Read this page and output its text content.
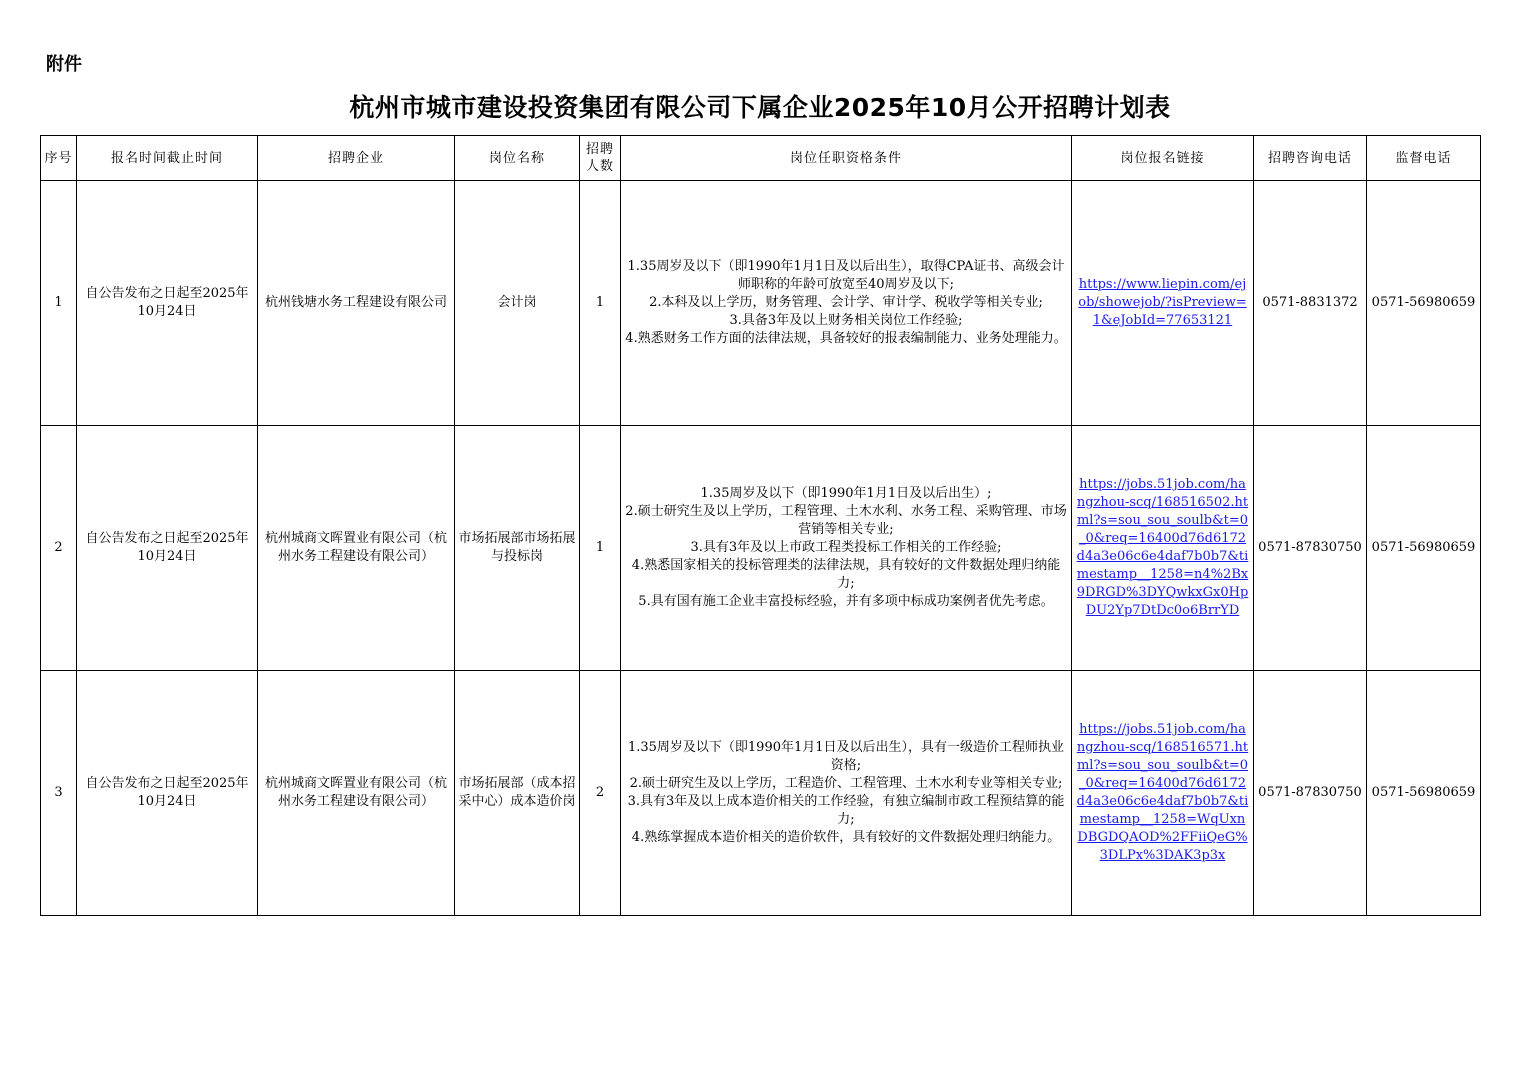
附件
杭州市城市建设投资集团有限公司下属企业2025年10月公开招聘计划表
序号	报名时间截止时间	招聘企业	岗位名称	招聘人数	岗位任职资格条件	岗位报名链接	招聘咨询电话	监督电话
1	自公告发布之日起至2025年10月24日	杭州钱塘水务工程建设有限公司	会计岗	1	1.35周岁及以下（即1990年1月1日及以后出生），取得CPA证书、高级会计师职称的年龄可放宽至40周岁及以下;
2.本科及以上学历，财务管理、会计学、审计学、税收学等相关专业;
3.具备3年及以上财务相关岗位工作经验;
4.熟悉财务工作方面的法律法规，具备较好的报表编制能力、业务处理能力。	https://www.liepin.com/ejob/showejob/?isPreview=1&eJobId=77653121	0571-8831372	0571-56980659
2	自公告发布之日起至2025年10月24日	杭州城商文晖置业有限公司（杭州水务工程建设有限公司）	市场拓展部市场拓展与投标岗	1	1.35周岁及以下（即1990年1月1日及以后出生）;
2.硕士研究生及以上学历，工程管理、土木水利、水务工程、采购管理、市场营销等相关专业;
3.具有3年及以上市政工程类投标工作相关的工作经验;
4.熟悉国家相关的投标管理类的法律法规，具有较好的文件数据处理归纳能力;
5.具有国有施工企业丰富投标经验，并有多项中标成功案例者优先考虑。	https://jobs.51job.com/hangzhou-scq/168516502.html?s=sou_sou_soulb&t=0_0&req=16400d76d6172d4a3e06c6e4daf7b0b7&timestamp__1258=n4%2Bx9DRGD%3DYQwkxGx0HpDU2Yp7DtDc0o6BrrYD	0571-87830750	0571-56980659
3	自公告发布之日起至2025年10月24日	杭州城商文晖置业有限公司（杭州水务工程建设有限公司）	市场拓展部（成本招采中心）成本造价岗	2	1.35周岁及以下（即1990年1月1日及以后出生），具有一级造价工程师执业资格;
2.硕士研究生及以上学历，工程造价、工程管理、土木水利专业等相关专业;
3.具有3年及以上成本造价相关的工作经验，有独立编制市政工程预结算的能力;
4.熟练掌握成本造价相关的造价软件，具有较好的文件数据处理归纳能力。	https://jobs.51job.com/hangzhou-scq/168516571.html?s=sou_sou_soulb&t=0_0&req=16400d76d6172d4a3e06c6e4daf7b0b7&timestamp__1258=WqUxnDBGDQAOD%2FFiiQeG%3DLPx%3DAK3p3x	0571-87830750	0571-56980659
